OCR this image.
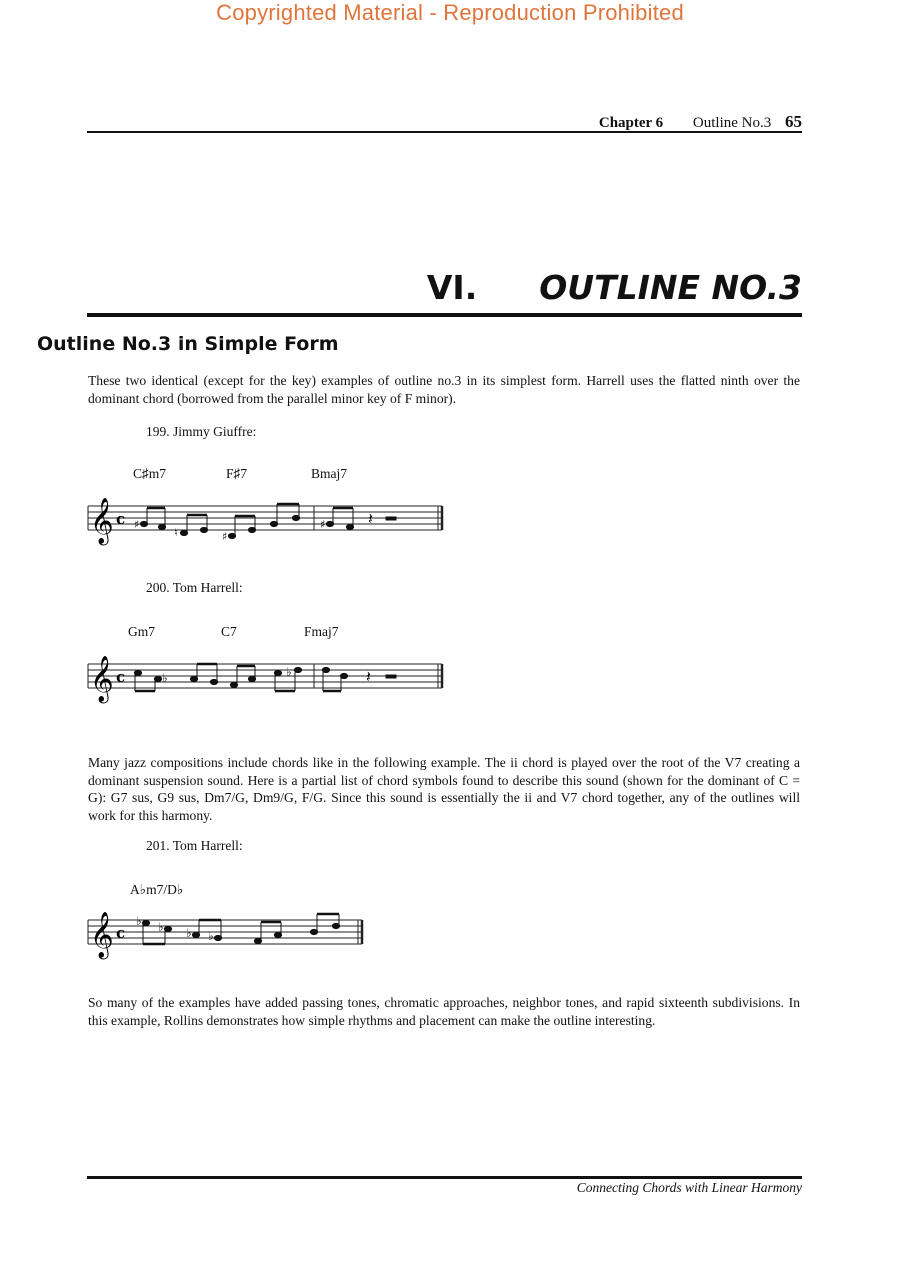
Copyrighted Material - Reproduction Prohibited
Chapter 6 Outline No.3 65
VI. OUTLINE NO.3
Outline No.3 in Simple Form
These two identical (except for the key) examples of outline no.3 in its simplest form. Harrell uses the flatted ninth over the dominant chord (borrowed from the parallel minor key of F minor).
199. Jimmy Giuffre:
C♯m7	F♯7	Bmaj7
𝄞 c	𝄽
♯
♮	♯
♯
200. Tom Harrell:
Gm7	C7	Fmaj7
𝄞 c	𝄽
♭	♭
Many jazz compositions include chords like in the following example. The ii chord is played over the root of the V7 creating a dominant suspension sound. Here is a partial list of chord symbols found to describe this sound (shown for the dominant of C = G): G7 sus, G9 sus, Dm7/G, Dm9/G, F/G. Since this sound is essentially the ii and V7 chord together, any of the outlines will work for this harmony.
201. Tom Harrell:
A♭m7/D♭
𝄞 c
♭ ♭ ♭ ♭
So many of the examples have added passing tones, chromatic approaches, neighbor tones, and rapid sixteenth subdivisions. In this example, Rollins demonstrates how simple rhythms and placement can make the outline interesting.
Connecting Chords with Linear Harmony
